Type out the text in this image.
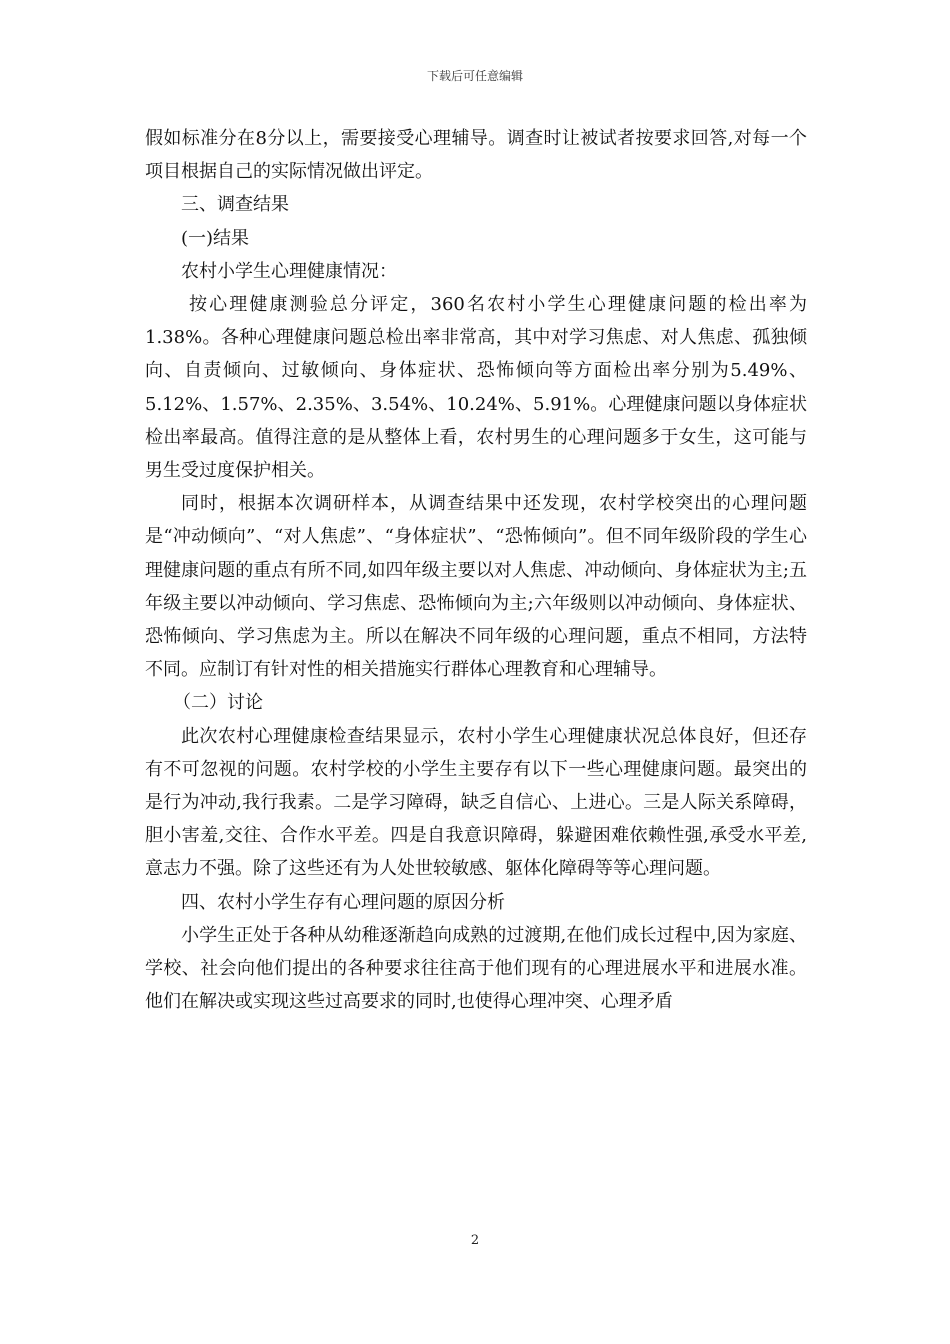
下载后可任意编辑

假如标准分在8分以上，需要接受心理辅导。调查时让被试者按要求回答,对每一个项目根据自己的实际情况做出评定。

三、调查结果

(一)结果

农村小学生心理健康情况：

按心理健康测验总分评定，360名农村小学生心理健康问题的检出率为1.38%。各种心理健康问题总检出率非常高，其中对学习焦虑、对人焦虑、孤独倾向、自责倾向、过敏倾向、身体症状、恐怖倾向等方面检出率分别为5.49%、5.12%、1.57%、2.35%、3.54%、10.24%、5.91%。心理健康问题以身体症状检出率最高。值得注意的是从整体上看，农村男生的心理问题多于女生，这可能与男生受过度保护相关。

同时，根据本次调研样本，从调查结果中还发现，农村学校突出的心理问题是“冲动倾向”、“对人焦虑”、“身体症状”、“恐怖倾向”。但不同年级阶段的学生心理健康问题的重点有所不同,如四年级主要以对人焦虑、冲动倾向、身体症状为主;五年级主要以冲动倾向、学习焦虑、恐怖倾向为主;六年级则以冲动倾向、身体症状、恐怖倾向、学习焦虑为主。所以在解决不同年级的心理问题，重点不相同，方法特不同。应制订有针对性的相关措施实行群体心理教育和心理辅导。

（二）讨论

此次农村心理健康检查结果显示，农村小学生心理健康状况总体良好，但还存有不可忽视的问题。农村学校的小学生主要存有以下一些心理健康问题。最突出的是行为冲动,我行我素。二是学习障碍，缺乏自信心、上进心。三是人际关系障碍，胆小害羞,交往、合作水平差。四是自我意识障碍，躲避困难依赖性强,承受水平差,意志力不强。除了这些还有为人处世较敏感、躯体化障碍等等心理问题。

四、农村小学生存有心理问题的原因分析

小学生正处于各种从幼稚逐渐趋向成熟的过渡期,在他们成长过程中,因为家庭、学校、社会向他们提出的各种要求往往高于他们现有的心理进展水平和进展水准。他们在解决或实现这些过高要求的同时,也使得心理冲突、心理矛盾

2
